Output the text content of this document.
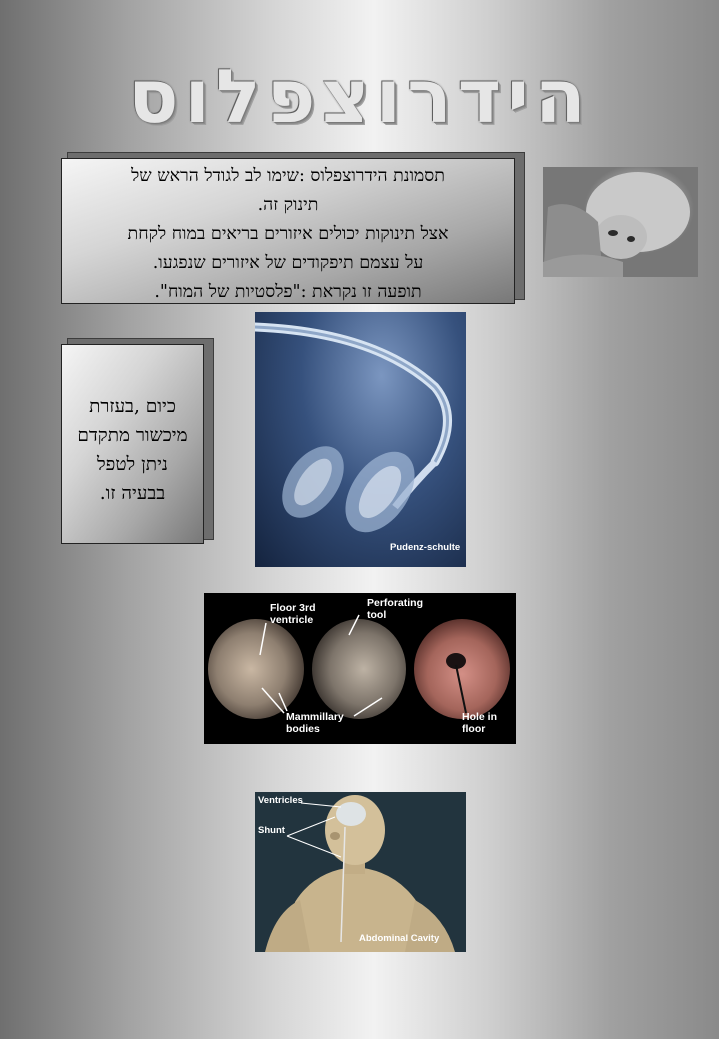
הידרוצפלוס
תסמונת הידרוצפלוס :שימו לב לגודל הראש של
תינוק זה.
אצל תינוקות יכולים איזורים בריאים במוח לקחת
על עצמם תיפקודים של איזורים שנפגעו.
תופעה זו נקראת :"פלסטיות של המוח".
Pudenz-schulte
כיום ,בעזרת
מיכשור מתקדם
ניתן לטפל
בבעיה זו.
Floor 3rd
ventricle
Perforating
tool
Mammillary
bodies
Hole in
floor
Ventricles
Shunt
Abdominal Cavity
